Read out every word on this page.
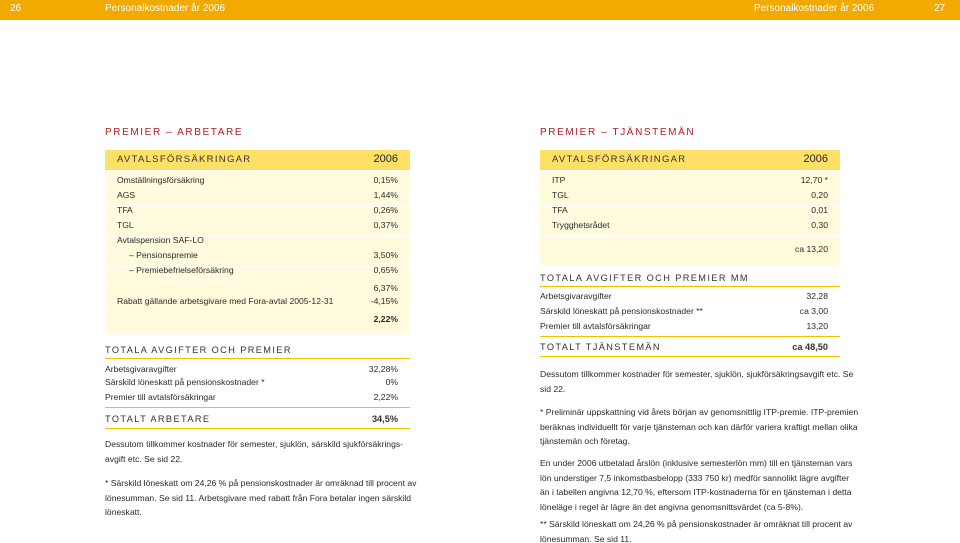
26	Personalkostnader år 2006	Personalkostnader år 2006	27
PREMIER – ARBETARE
AVTALSFÖRSÄKRINGAR	2006
Omställningsförsäkring	0,15%
AGS	1,44%
TFA	0,26%
TGL	0,37%
Avtalspension SAF-LO
– Pensionspremie	3,50%
– Premiebefrielseförsäkring	0,65%
6,37%
Rabatt gällande arbetsgivare med Fora-avtal 2005-12-31	-4,15%
2,22%
TOTALA AVGIFTER OCH PREMIER
Arbetsgivaravgifter	32,28%
Särskild löneskatt på pensionskostnader *	0%
Premier till avtalsförsäkringar	2,22%
TOTALT ARBETARE	34,5%
Dessutom tillkommer kostnader för semester, sjuklön, särskild sjukförsäkringsavgift etc. Se sid 22.
* Särskild löneskatt om 24,26 % på pensionskostnader är omräknad till procent av lönesumman. Se sid 11. Arbetsgivare med rabatt från Fora betalar ingen särskild löneskatt.
PREMIER – TJÄNSTEMÄN
AVTALSFÖRSÄKRINGAR	2006
ITP	12,70 *
TGL	0,20
TFA	0,01
Trygghetsrådet	0,30
ca 13,20
TOTALA AVGIFTER OCH PREMIER MM
Arbetsgivaravgifter	32,28
Särskild löneskatt på pensionskostnader **	ca 3,00
Premier till avtalsförsäkringar	13,20
TOTALT TJÄNSTEMÄN	ca 48,50
Dessutom tillkommer kostnader för semester, sjuklön, sjukförsäkringsavgift etc. Se sid 22.
* Preliminär uppskattning vid årets början av genomsnittlig ITP-premie. ITP-premien beräknas individuellt för varje tjänsteman och kan därför variera kraftigt mellan olika tjänstemän och företag.
En under 2006 utbetalad årslön (inklusive semesterlön mm) till en tjänsteman vars lön understiger 7,5 inkomstbasbelopp (333 750 kr) medför sannolikt lägre avgifter än i tabellen angivna 12,70 %, eftersom ITP-kostnaderna för en tjänsteman i detta löneläge i regel är lägre än det angivna genomsnittsvärdet (ca 5-8%).
** Särskild löneskatt om 24,26 % på pensionskostnader är omräknat till procent av lönesumman. Se sid 11.
